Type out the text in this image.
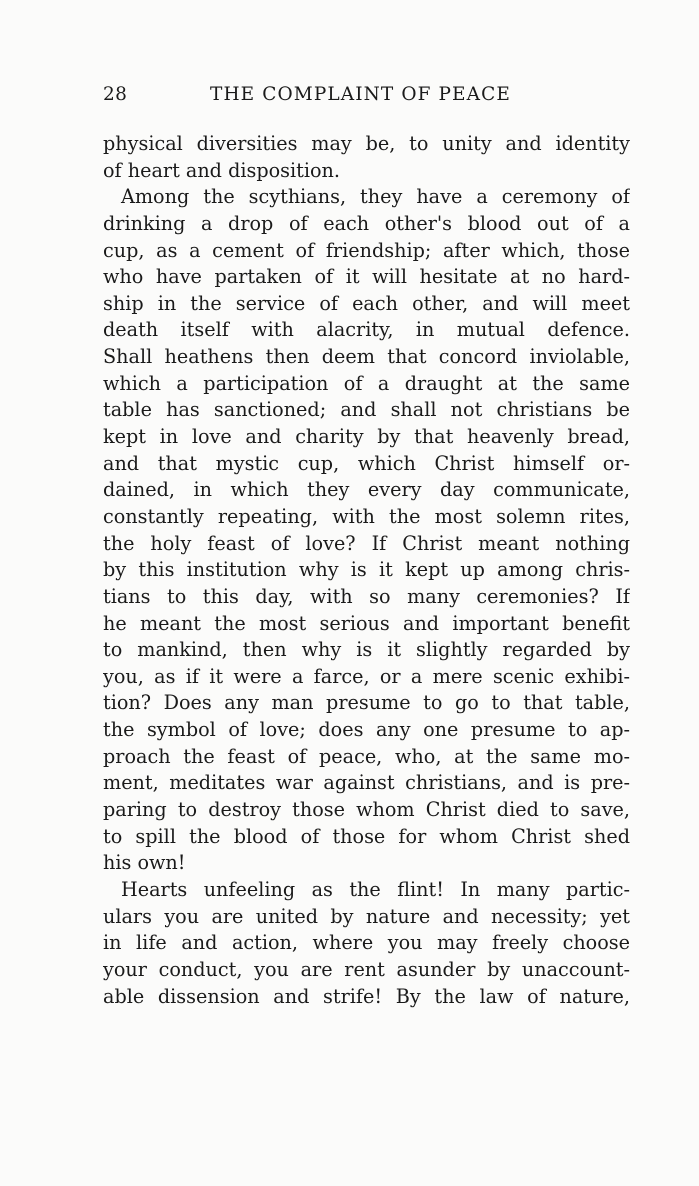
28	THE COMPLAINT OF PEACE
physical diversities may be, to unity and identity
of heart and disposition.
Among the scythians, they have a ceremony of
drinking a drop of each other's blood out of a
cup, as a cement of friendship; after which, those
who have partaken of it will hesitate at no hard-
ship in the service of each other, and will meet
death itself with alacrity, in mutual defence.
Shall heathens then deem that concord inviolable,
which a participation of a draught at the same
table has sanctioned; and shall not christians be
kept in love and charity by that heavenly bread,
and that mystic cup, which Christ himself or-
dained, in which they every day communicate,
constantly repeating, with the most solemn rites,
the holy feast of love? If Christ meant nothing
by this institution why is it kept up among chris-
tians to this day, with so many ceremonies? If
he meant the most serious and important benefit
to mankind, then why is it slightly regarded by
you, as if it were a farce, or a mere scenic exhibi-
tion? Does any man presume to go to that table,
the symbol of love; does any one presume to ap-
proach the feast of peace, who, at the same mo-
ment, meditates war against christians, and is pre-
paring to destroy those whom Christ died to save,
to spill the blood of those for whom Christ shed
his own!
Hearts unfeeling as the flint! In many partic-
ulars you are united by nature and necessity; yet
in life and action, where you may freely choose
your conduct, you are rent asunder by unaccount-
able dissension and strife! By the law of nature,
